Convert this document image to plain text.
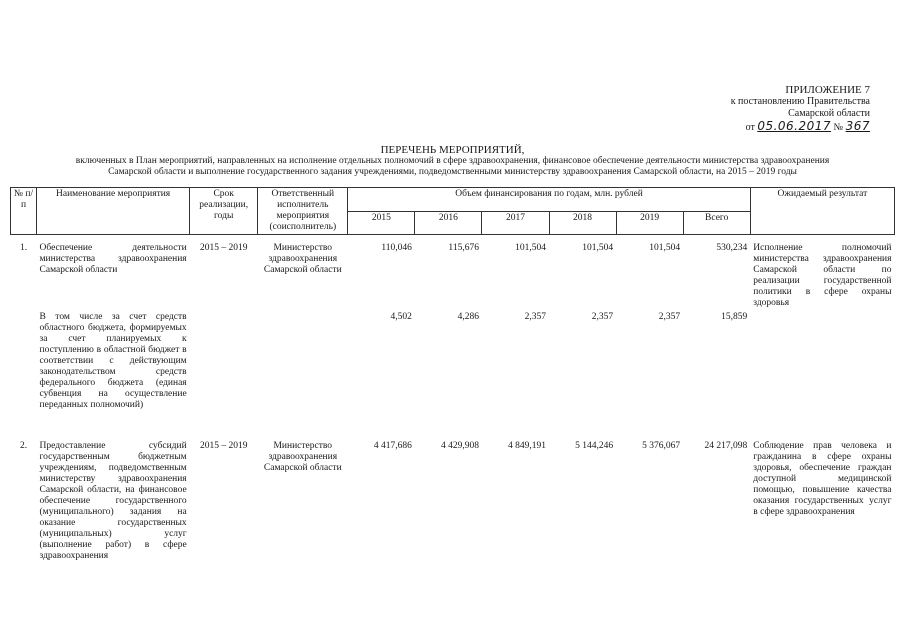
ПРИЛОЖЕНИЕ 7
к постановлению Правительства
Самарской области
от 05.06.2017 № 367
ПЕРЕЧЕНЬ МЕРОПРИЯТИЙ,
включенных в План мероприятий, направленных на исполнение отдельных полномочий в сфере здравоохранения, финансовое обеспечение деятельности министерства здравоохранения
Самарской области и выполнение государственного задания учреждениями, подведомственными министерству здравоохранения Самарской области, на 2015 – 2019 годы
№ п/п	Наименование мероприятия	Срок реализации, годы	Ответственный исполнитель мероприятия (соисполнитель)	Объем финансирования по годам, млн. рублей						Ожидаемый результат
				2015	2016	2017	2018	2019	Всего	
1.	Обеспечение деятельности министерства здравоохранения Самарской области	2015 – 2019	Министерство здравоохранения Самарской области	110,046	115,676	101,504	101,504	101,504	530,234	Исполнение полномочий министерства здравоохранения Самарской области по реализации государственной политики в сфере охраны здоровья
	В том числе за счет средств областного бюджета, формируемых за счет планируемых к поступлению в областной бюджет в соответствии с действующим законодательством средств федерального бюджета (единая субвенция на осуществление переданных полномочий)			4,502	4,286	2,357	2,357	2,357	15,859	
2.	Предоставление субсидий государственным бюджетным учреждениям, подведомственным министерству здравоохранения Самарской области, на финансовое обеспечение государственного (муниципального) задания на оказание государственных (муниципальных) услуг (выполнение работ) в сфере здравоохранения	2015 – 2019	Министерство здравоохранения Самарской области	4 417,686	4 429,908	4 849,191	5 144,246	5 376,067	24 217,098	Соблюдение прав человека и гражданина в сфере охраны здоровья, обеспечение граждан доступной медицинской помощью, повышение качества оказания государственных услуг в сфере здравоохранения
